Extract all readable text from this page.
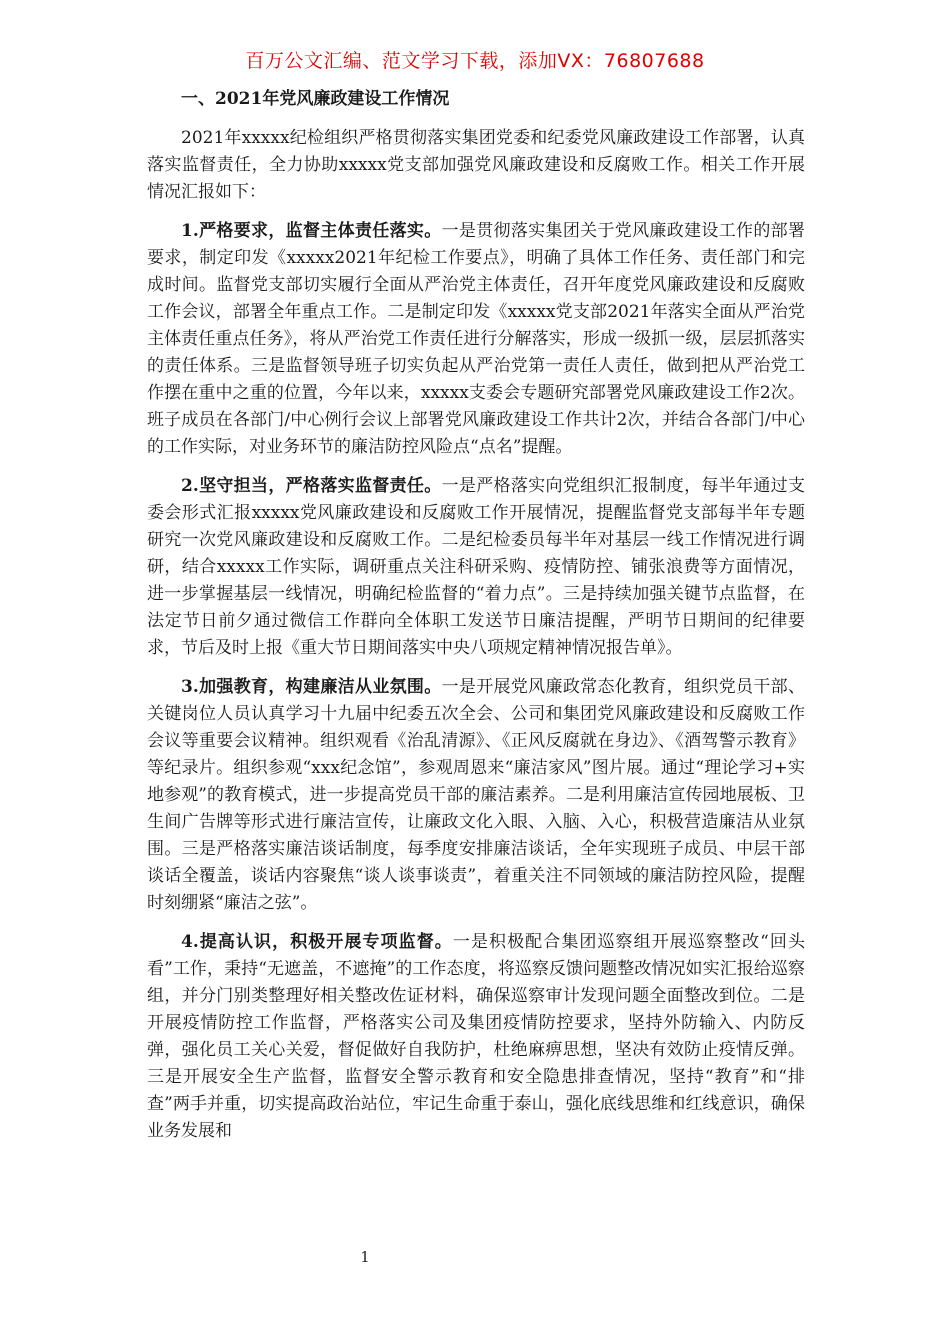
百万公文汇编、范文学习下载，添加VX：76807688
一、2021年党风廉政建设工作情况

2021年xxxxx纪检组织严格贯彻落实集团党委和纪委党风廉政建设工作部署，认真落实监督责任，全力协助xxxxx党支部加强党风廉政建设和反腐败工作。相关工作开展情况汇报如下：

1.严格要求，监督主体责任落实。一是贯彻落实集团关于党风廉政建设工作的部署要求，制定印发《xxxxx2021年纪检工作要点》，明确了具体工作任务、责任部门和完成时间。监督党支部切实履行全面从严治党主体责任，召开年度党风廉政建设和反腐败工作会议，部署全年重点工作。二是制定印发《xxxxx党支部2021年落实全面从严治党主体责任重点任务》，将从严治党工作责任进行分解落实，形成一级抓一级，层层抓落实的责任体系。三是监督领导班子切实负起从严治党第一责任人责任，做到把从严治党工作摆在重中之重的位置，今年以来，xxxxx支委会专题研究部署党风廉政建设工作2次。班子成员在各部门/中心例行会议上部署党风廉政建设工作共计2次，并结合各部门/中心的工作实际，对业务环节的廉洁防控风险点“点名”提醒。

2.坚守担当，严格落实监督责任。一是严格落实向党组织汇报制度，每半年通过支委会形式汇报xxxxx党风廉政建设和反腐败工作开展情况，提醒监督党支部每半年专题研究一次党风廉政建设和反腐败工作。二是纪检委员每半年对基层一线工作情况进行调研，结合xxxxx工作实际，调研重点关注科研采购、疫情防控、铺张浪费等方面情况，进一步掌握基层一线情况，明确纪检监督的“着力点”。三是持续加强关键节点监督，在法定节日前夕通过微信工作群向全体职工发送节日廉洁提醒，严明节日期间的纪律要求，节后及时上报《重大节日期间落实中央八项规定精神情况报告单》。

3.加强教育，构建廉洁从业氛围。一是开展党风廉政常态化教育，组织党员干部、关键岗位人员认真学习十九届中纪委五次全会、公司和集团党风廉政建设和反腐败工作会议等重要会议精神。组织观看《治乱清源》、《正风反腐就在身边》、《酒驾警示教育》等纪录片。组织参观“xxx纪念馆”，参观周恩来“廉洁家风”图片展。通过“理论学习+实地参观”的教育模式，进一步提高党员干部的廉洁素养。二是利用廉洁宣传园地展板、卫生间广告牌等形式进行廉洁宣传，让廉政文化入眼、入脑、入心，积极营造廉洁从业氛围。三是严格落实廉洁谈话制度，每季度安排廉洁谈话，全年实现班子成员、中层干部谈话全覆盖，谈话内容聚焦“谈人谈事谈责”，着重关注不同领域的廉洁防控风险，提醒时刻绷紧“廉洁之弦”。

4.提高认识，积极开展专项监督。一是积极配合集团巡察组开展巡察整改“回头看”工作，秉持“无遮盖，不遮掩”的工作态度，将巡察反馈问题整改情况如实汇报给巡察组，并分门别类整理好相关整改佐证材料，确保巡察审计发现问题全面整改到位。二是开展疫情防控工作监督，严格落实公司及集团疫情防控要求，坚持外防输入、内防反弹，强化员工关心关爱，督促做好自我防护，杜绝麻痹思想，坚决有效防止疫情反弹。三是开展安全生产监督，监督安全警示教育和安全隐患排查情况，坚持“教育”和“排查”两手并重，切实提高政治站位，牢记生命重于泰山，强化底线思维和红线意识，确保业务发展和

1
